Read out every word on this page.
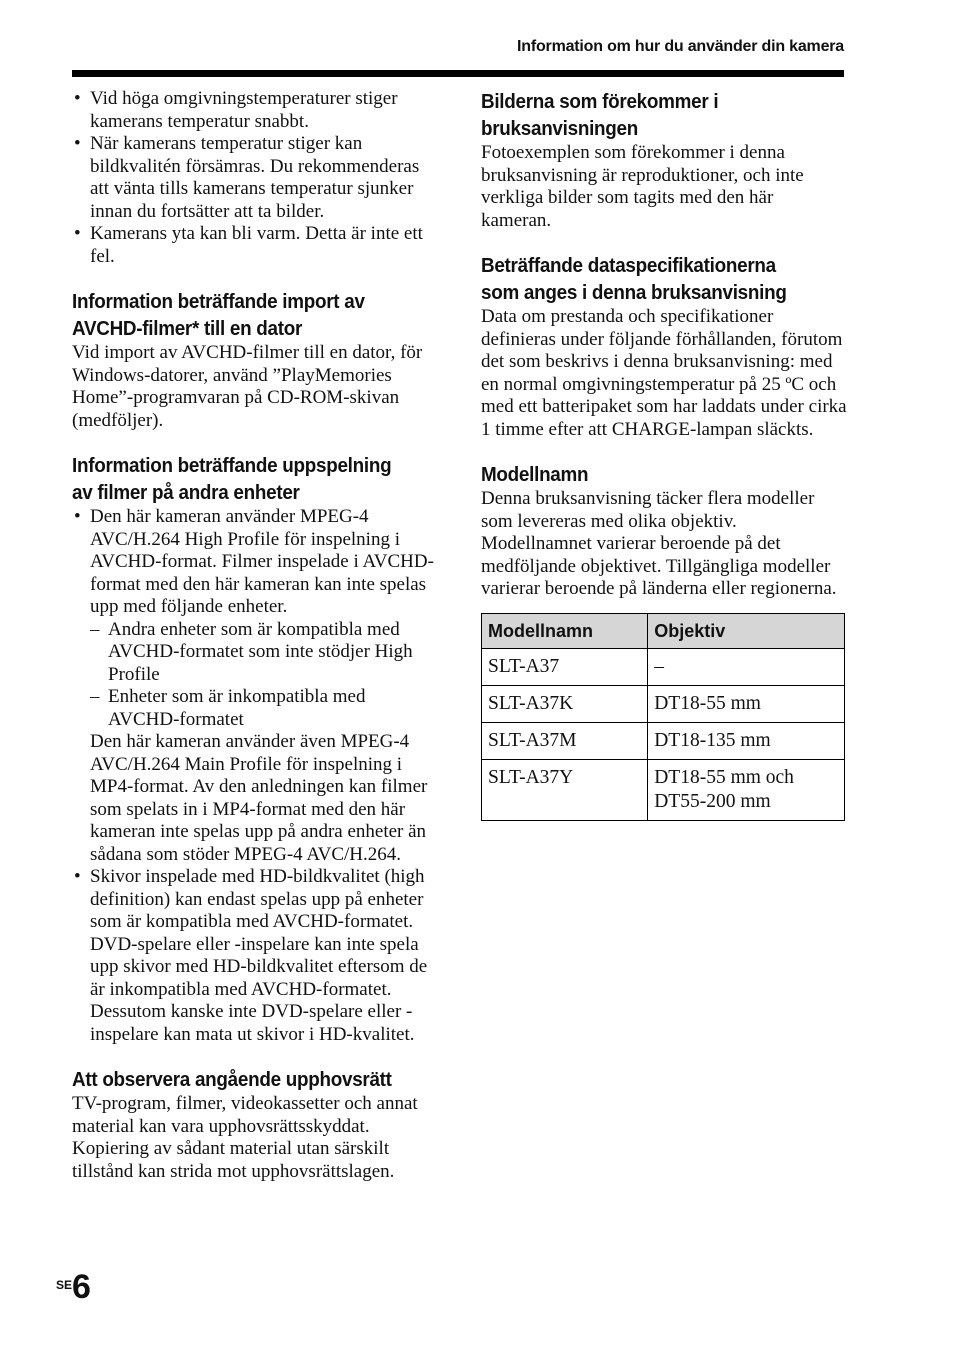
Information om hur du använder din kamera
• Vid höga omgivningstemperaturer stiger kamerans temperatur snabbt.
• När kamerans temperatur stiger kan bildkvalitén försämras. Du rekommenderas att vänta tills kamerans temperatur sjunker innan du fortsätter att ta bilder.
• Kamerans yta kan bli varm. Detta är inte ett fel.
Information beträffande import av
AVCHD-filmer* till en dator

Vid import av AVCHD-filmer till en dator, för Windows-datorer, använd ”PlayMemories Home”-programvaran på CD-ROM-skivan (medföljer).

Information beträffande uppspelning
av filmer på andra enheter
• Den här kameran använder MPEG-4 AVC/H.264 High Profile för inspelning i AVCHD-format. Filmer inspelade i AVCHD-format med den här kameran kan inte spelas upp med följande enheter.
– Andra enheter som är kompatibla med AVCHD-formatet som inte stödjer High Profile
– Enheter som är inkompatibla med AVCHD-formatet
Den här kameran använder även MPEG-4 AVC/H.264 Main Profile för inspelning i MP4-format. Av den anledningen kan filmer som spelats in i MP4-format med den här kameran inte spelas upp på andra enheter än sådana som stöder MPEG-4 AVC/H.264.
• Skivor inspelade med HD-bildkvalitet (high definition) kan endast spelas upp på enheter som är kompatibla med AVCHD-formatet. DVD-spelare eller -inspelare kan inte spela upp skivor med HD-bildkvalitet eftersom de är inkompatibla med AVCHD-formatet. Dessutom kanske inte DVD-spelare eller -inspelare kan mata ut skivor i HD-kvalitet.
Att observera angående upphovsrätt

TV-program, filmer, videokassetter och annat material kan vara upphovsrättsskyddat. Kopiering av sådant material utan särskilt tillstånd kan strida mot upphovsrättslagen.

Bilderna som förekommer i
bruksanvisningen

Fotoexemplen som förekommer i denna bruksanvisning är reproduktioner, och inte verkliga bilder som tagits med den här kameran.

Beträffande dataspecifikationerna
som anges i denna bruksanvisning

Data om prestanda och specifikationer definieras under följande förhållanden, förutom det som beskrivs i denna bruksanvisning: med en normal omgivningstemperatur på 25 ºC och med ett batteripaket som har laddats under cirka 1 timme efter att CHARGE-lampan släckts.

Modellnamn

Denna bruksanvisning täcker flera modeller som levereras med olika objektiv. Modellnamnet varierar beroende på det medföljande objektivet. Tillgängliga modeller varierar beroende på länderna eller regionerna.

Modellnamn	Objektiv
SLT-A37	–
SLT-A37K	DT18-55 mm
SLT-A37M	DT18-135 mm
SLT-A37Y	DT18-55 mm och DT55-200 mm
$^{SE}$6
